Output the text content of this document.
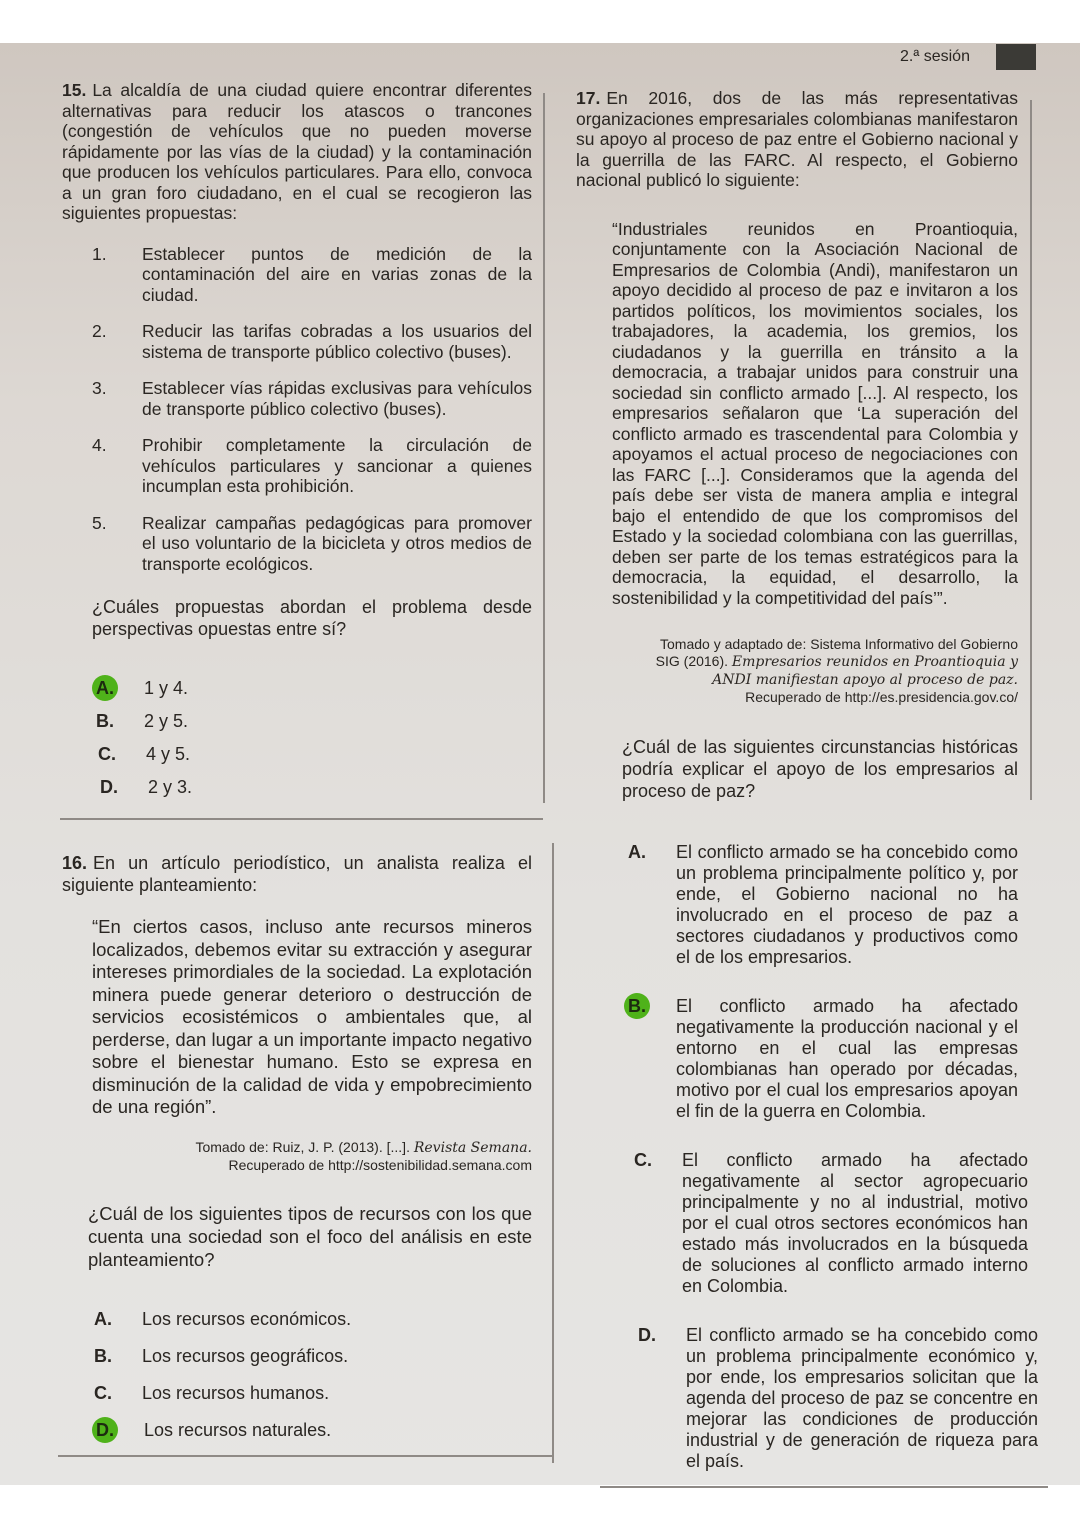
2.ª sesión
15. La alcaldía de una ciudad quiere encontrar diferentes alternativas para reducir los atascos o trancones (congestión de vehículos que no pueden moverse rápidamente por las vías de la ciudad) y la contaminación que producen los vehículos particulares. Para ello, convoca a un gran foro ciudadano, en el cual se recogieron las siguientes propuestas:
1. Establecer puntos de medición de la contaminación del aire en varias zonas de la ciudad.
2. Reducir las tarifas cobradas a los usuarios del sistema de transporte público colectivo (buses).
3. Establecer vías rápidas exclusivas para vehículos de transporte público colectivo (buses).
4. Prohibir completamente la circulación de vehículos particulares y sancionar a quienes incumplan esta prohibición.
5. Realizar campañas pedagógicas para promover el uso voluntario de la bicicleta y otros medios de transporte ecológicos.
¿Cuáles propuestas abordan el problema desde perspectivas opuestas entre sí?
A. 1 y 4.
B. 2 y 5.
C. 4 y 5.
D. 2 y 3.
16. En un artículo periodístico, un analista realiza el siguiente planteamiento:
“En ciertos casos, incluso ante recursos mineros localizados, debemos evitar su extracción y asegurar intereses primordiales de la sociedad. La explotación minera puede generar deterioro o destrucción de servicios ecosistémicos o ambientales que, al perderse, dan lugar a un importante impacto negativo sobre el bienestar humano. Esto se expresa en disminución de la calidad de vida y empobrecimiento de una región”.
Tomado de: Ruiz, J. P. (2013). [...]. Revista Semana.
Recuperado de http://sostenibilidad.semana.com
¿Cuál de los siguientes tipos de recursos con los que cuenta una sociedad son el foco del análisis en este planteamiento?
A. Los recursos económicos.
B. Los recursos geográficos.
C. Los recursos humanos.
D. Los recursos naturales.
17. En 2016, dos de las más representativas organizaciones empresariales colombianas manifestaron su apoyo al proceso de paz entre el Gobierno nacional y la guerrilla de las FARC. Al respecto, el Gobierno nacional publicó lo siguiente:
“Industriales reunidos en Proantioquia, conjuntamente con la Asociación Nacional de Empresarios de Colombia (Andi), manifestaron un apoyo decidido al proceso de paz e invitaron a los partidos políticos, los movimientos sociales, los trabajadores, la academia, los gremios, los ciudadanos y la guerrilla en tránsito a la democracia, a trabajar unidos para construir una sociedad sin conflicto armado [...]. Al respecto, los empresarios señalaron que ‘La superación del conflicto armado es trascendental para Colombia y apoyamos el actual proceso de negociaciones con las FARC [...]. Consideramos que la agenda del país debe ser vista de manera amplia e integral bajo el entendido de que los compromisos del Estado y la sociedad colombiana con las guerrillas, deben ser parte de los temas estratégicos para la democracia, la equidad, el desarrollo, la sostenibilidad y la competitividad del país’”.
Tomado y adaptado de: Sistema Informativo del Gobierno
SIG (2016). Empresarios reunidos en Proantioquia y ANDI manifiestan apoyo al proceso de paz.
Recuperado de http://es.presidencia.gov.co/
¿Cuál de las siguientes circunstancias históricas podría explicar el apoyo de los empresarios al proceso de paz?
A. El conflicto armado se ha concebido como un problema principalmente político y, por ende, el Gobierno nacional no ha involucrado en el proceso de paz a sectores ciudadanos y productivos como el de los empresarios.
B. El conflicto armado ha afectado negativamente la producción nacional y el entorno en el cual las empresas colombianas han operado por décadas, motivo por el cual los empresarios apoyan el fin de la guerra en Colombia.
C. El conflicto armado ha afectado negativamente al sector agropecuario principalmente y no al industrial, motivo por el cual otros sectores económicos han estado más involucrados en la búsqueda de soluciones al conflicto armado interno en Colombia.
D. El conflicto armado se ha concebido como un problema principalmente económico y, por ende, los empresarios solicitan que la agenda del proceso de paz se concentre en mejorar las condiciones de producción industrial y de generación de riqueza para el país.
